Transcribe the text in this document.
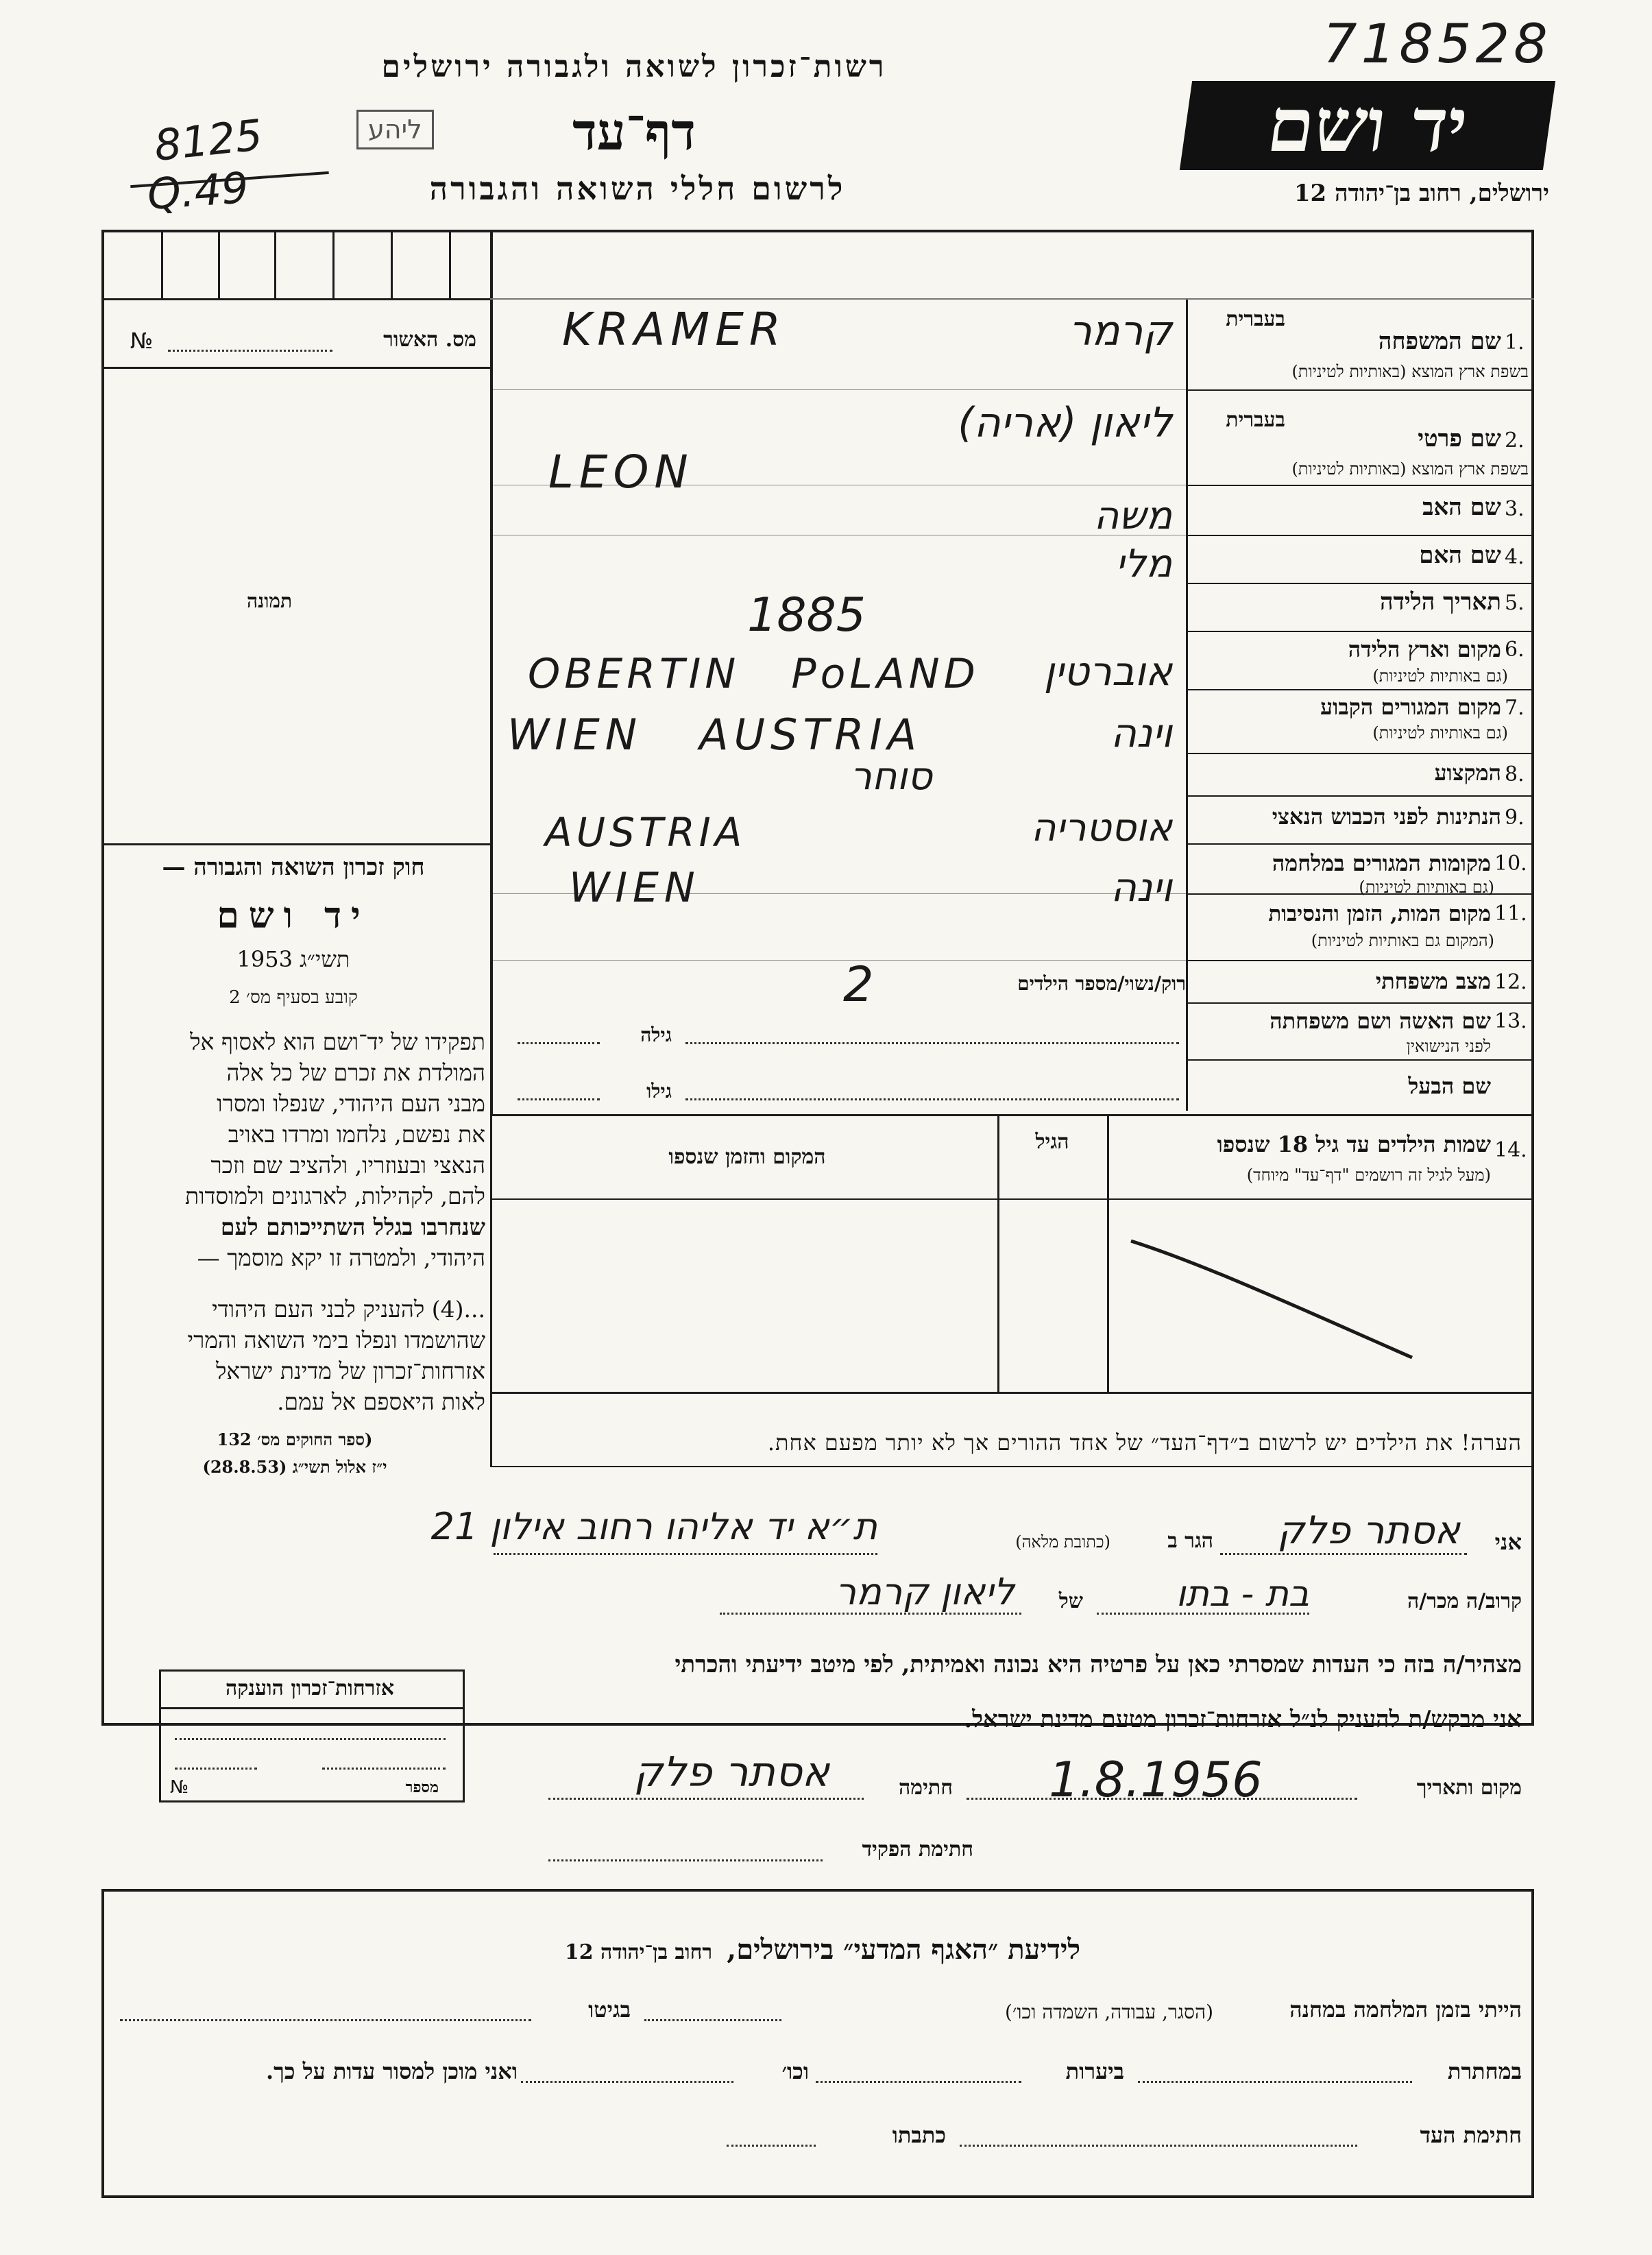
718528
8125
Q.49
ליהע
רשות־זכרון לשואה ולגבורה ירושלים
דף־עד
לרשום חללי השואה והגבורה
יד ושם
ירושלים, רחוב בן־יהודה 12
№	מס. האשור
תמונה
בעברית
בעברית
1.
שם המשפחה
בשפת ארץ המוצא (באותיות לטיניות)
KRAMER	קרמר
2.
שם פרטי
בשפת ארץ המוצא (באותיות לטיניות)
LEON
ליאון (אריה)
3.
שם האב
משה
4.
שם האם
מלי
5.
תאריך הלידה
1885
6.
מקום וארץ הלידה
(גם באותיות לטיניות)
OBERTIN   PoLAND	אוברטין
7.
מקום המגורים הקבוע
(גם באותיות לטיניות)
WIEN   AUSTRIA	וינה
8.
המקצוע
סוחר
9.
הנתינות לפני הכבוש הנאצי
AUSTRIA	אוסטריה
10.
מקומות המגורים במלחמה
(גם באותיות לטיניות)
WIEN	וינה
11.
מקום המות, הזמן והנסיבות
(המקום גם באותיות לטיניות)
12.
מצב משפחתי
רוק/נשוי/מספר הילדים
2
13.
שם האשה ושם משפחתה
לפני הנישואין
גילה
שם הבעל
גילו
14.
שמות הילדים עד גיל 18 שנספו
(מעל לגיל זה רושמים "דף־עד" מיוחד)
הגיל
המקום והזמן שנספו
חוק זכרון השואה והגבורה —
יד ושם
תשי״ג 1953
קובע בסעיף מס׳ 2
תפקידו של יד־ושם הוא לאסוף אל
המולדת את זכרם של כל אלה
מבני העם היהודי, שנפלו ומסרו
את נפשם, נלחמו ומרדו באויב
הנאצי ובעוזריו, ולהציב שם וזכר
להם, לקהילות, לארגונים ולמוסדות
שנחרבו בגלל השתייכותם לעם
היהודי, ולמטרה זו יקא מוסמך —
...(4) להעניק לבני העם היהודי
שהושמדו ונפלו בימי השואה והמרי
אזרחות־זכרון של מדינת ישראל
לאות היאספם אל עמם.
(ספר החוקים מס׳ 132
י״ז אלול תשי״ג (28.8.53)
הערה! את הילדים יש לרשום ב״דף־העד״ של אחד ההורים אך לא יותר מפעם אחת.
אני
אסתר פלק
הגר ב
(כתובת מלאה)
ת״א יד אליהו רחוב אילון 21
קרוב/ה מכר/ה
בת - בתו
של
ליאון קרמר
מצהיר/ה בזה כי העדות שמסרתי כאן על פרטיה היא נכונה ואמיתית, לפי מיטב ידיעתי והכרתי
אני מבקש/ת להעניק לנ״ל אזרחות־זכרון מטעם מדינת ישראל.
מקום ותאריך
1.8.1956
חתימה
אסתר פלק
חתימת הפקיד
אזרחות־זכרון הוענקה
№	מספר
לידיעת ״האגף המדעי״ בירושלים, רחוב בן־יהודה 12
הייתי בזמן המלחמה במחנה
(הסגר, עבודה, השמדה וכו׳)
בגיטו
במחתרת
ביערות
וכו׳
ואני מוכן למסור עדות על כך.
חתימת העד
כתבתו
